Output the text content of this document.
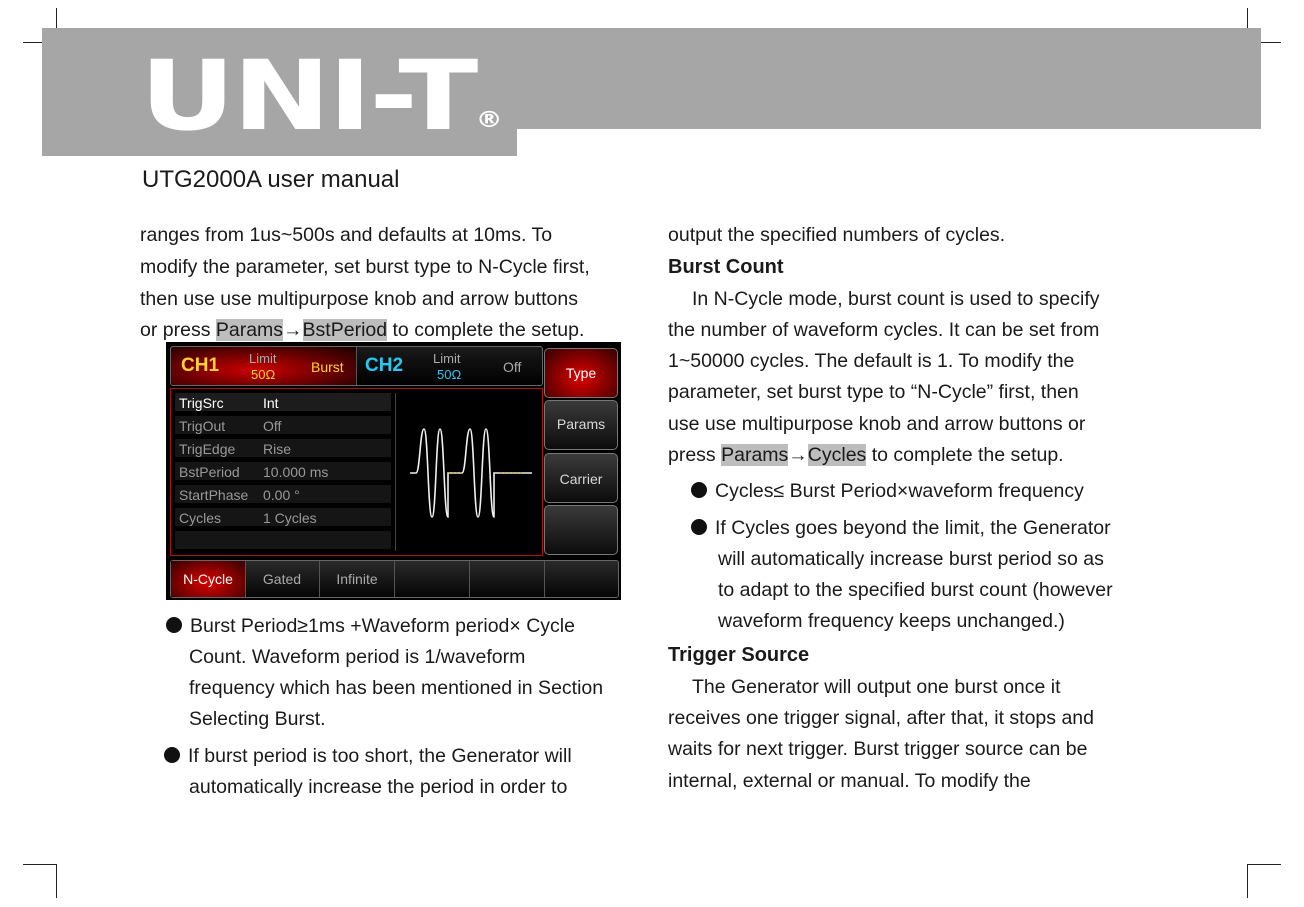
UNI-T®
UTG2000A user manual
ranges from 1us~500s and defaults at 10ms. To
modify the parameter, set burst type to N-Cycle first,
then use use multipurpose knob and arrow buttons
or press Params→BstPeriod to complete the setup.
CH1 Limit
50Ω	Burst CH2 Limit
50Ω	Off	Type
Params
Carrier
TrigSrc	Int
TrigOut	Off
TrigEdge Rise
BstPeriod 10.000 ms
StartPhase 0.00 °
Cycles	1 Cycles
N-Cycle	Gated	Infinite
Burst Period≥1ms +Waveform period× Cycle
Count. Waveform period is 1/waveform
frequency which has been mentioned in Section
Selecting Burst.
If burst period is too short, the Generator will
automatically increase the period in order to
output the specified numbers of cycles.
Burst Count
In N-Cycle mode, burst count is used to specify
the number of waveform cycles. It can be set from
1~50000 cycles. The default is 1. To modify the
parameter, set burst type to “N-Cycle” first, then
use use multipurpose knob and arrow buttons or
press Params→Cycles to complete the setup.
Cycles≤ Burst Period×waveform frequency
If Cycles goes beyond the limit, the Generator
will automatically increase burst period so as
to adapt to the specified burst count (however
waveform frequency keeps unchanged.)
Trigger Source
The Generator will output one burst once it
receives one trigger signal, after that, it stops and
waits for next trigger. Burst trigger source can be
internal, external or manual. To modify the
